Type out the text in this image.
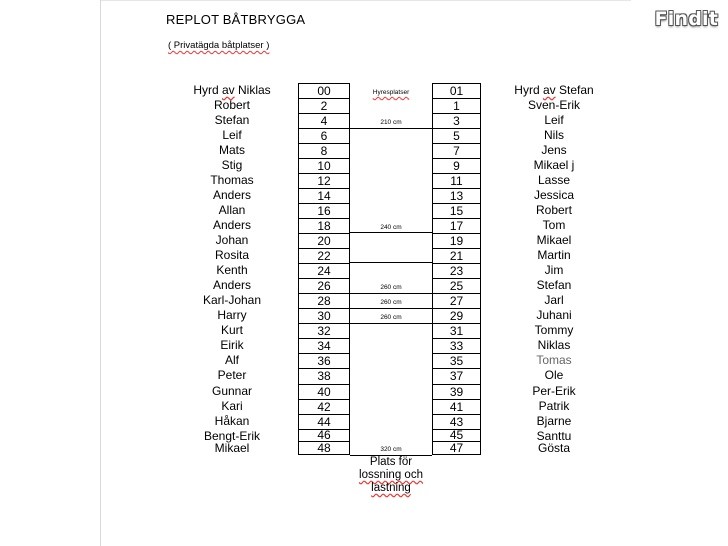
Findit
REPLOT BÅTBRYGGA
( Privatägda båtplatser )
Hyrd av Niklas	00	01	Hyrd av Stefan
Robert	2	1	Sven-Erik
Stefan	4	3	Leif
Leif	6	5	Nils
Mats	8	7	Jens
Stig	10	9	Mikael j
Thomas	12	11	Lasse
Anders	14	13	Jessica
Allan	16	15	Robert
Anders	18	17	Tom
Johan	20	19	Mikael
Rosita	22	21	Martin
Kenth	24	23	Jim
Anders	26	25	Stefan
Karl-Johan	28	27	Jarl
Harry	30	29	Juhani
Kurt	32	31	Tommy
Eirik	34	33	Niklas
Alf	36	35	Tomas
Peter	38	37	Ole
Gunnar	40	39	Per-Erik
Kari	42	41	Patrik
Håkan	44	43	Bjarne
Bengt-Erik	46	45	Santtu
Mikael	48	47	Gösta
Hyresplatser
210 cm
240 cm
260 cm
260 cm
260 cm
320 cm
Plats för
lossning och
lastning
